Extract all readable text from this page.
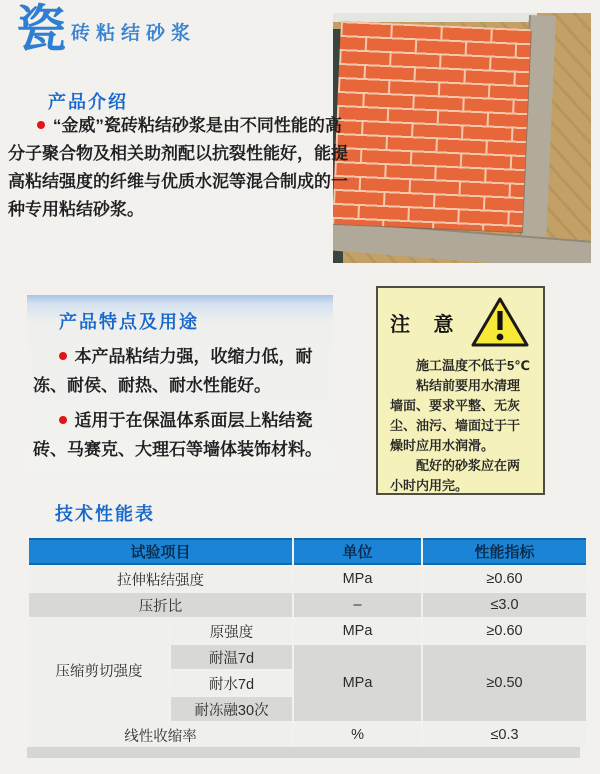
瓷 砖粘结砂浆
产品介绍

“金威”瓷砖粘结砂浆是由不同性能的高分子聚合物及相关助剂配以抗裂性能好，能提高粘结强度的纤维与优质水泥等混合制成的一种专用粘结砂浆。

产品特点及用途

本产品粘结力强，收缩力低，耐冻、耐侯、耐热、耐水性能好。

适用于在保温体系面层上粘结瓷砖、马赛克、大理石等墙体装饰材料。

注 意

施工温度不低于5℃

粘结前要用水清理墙面、要求平整、无灰尘、油污、墙面过于干燥时应用水润滑。

配好的砂浆应在两小时内用完。

技术性能表
试验项目		单位	性能指标
拉伸粘结强度		MPa	≥0.60
压折比		–	≤3.0
压缩剪切强度	原强度	MPa	≥0.60
	耐温7d	MPa	≥0.50
	耐水7d		
	耐冻融30次		
线性收缩率		%	≤0.3
